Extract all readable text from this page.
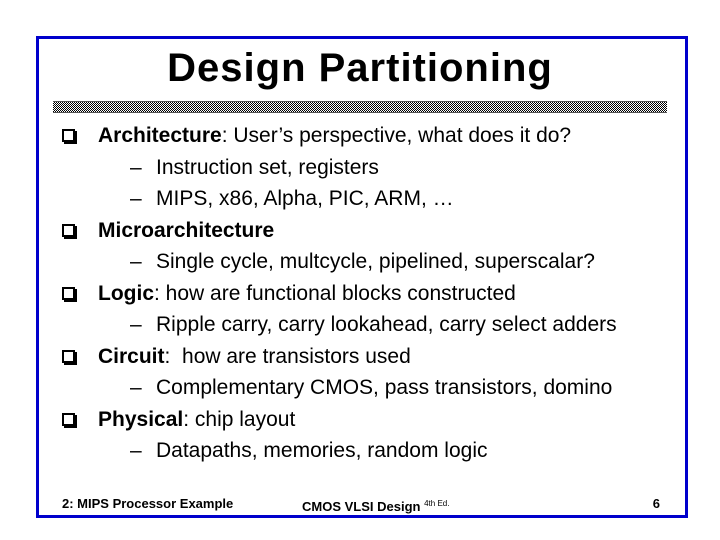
Design Partitioning
Architecture: User’s perspective, what does it do?
– Instruction set, registers
– MIPS, x86, Alpha, PIC, ARM, …
Microarchitecture
– Single cycle, multcycle, pipelined, superscalar?
Logic: how are functional blocks constructed
– Ripple carry, carry lookahead, carry select adders
Circuit:  how are transistors used
– Complementary CMOS, pass transistors, domino
Physical: chip layout
– Datapaths, memories, random logic
2: MIPS Processor Example	CMOS VLSI Design $^{4th Ed.}$	6
